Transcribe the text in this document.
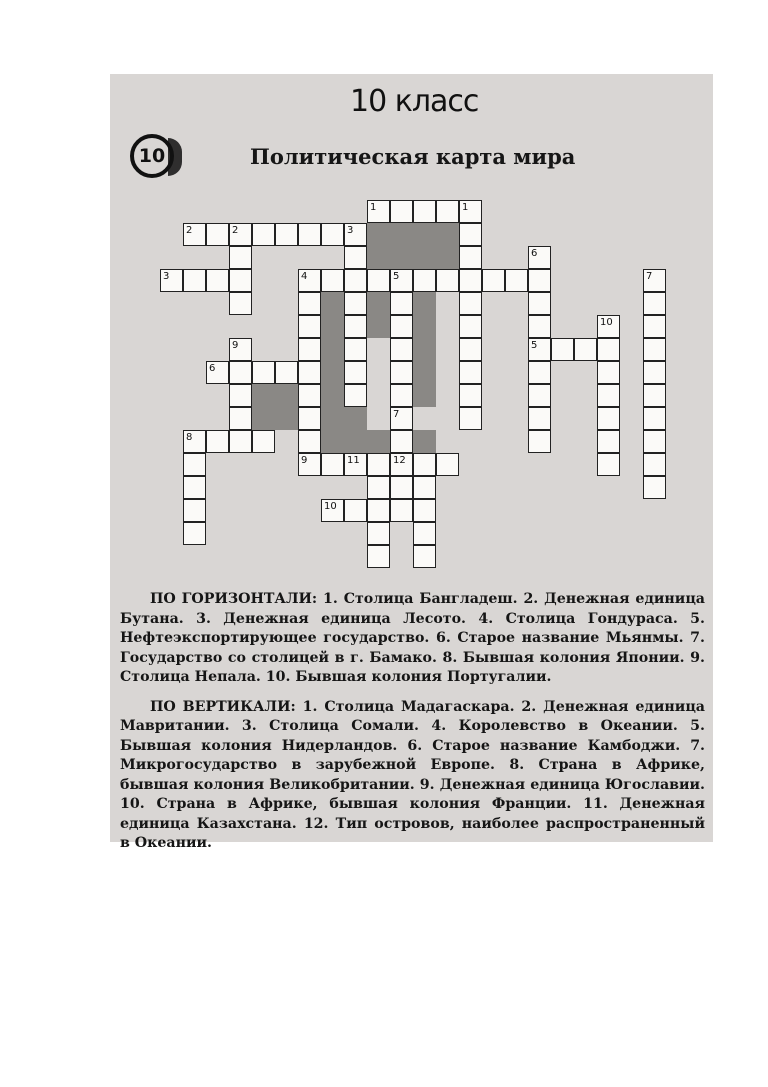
10 класс
10	Политическая карта мира
1	1
2	2	3
3	4	5
6
7
10
5
9
6
7
8
9	11	12
10

ПО ГОРИЗОНТАЛИ: 1. Столица Бангладеш. 2. Денежная единица Бутана. 3. Денежная единица Лесото. 4. Столица Гондураса. 5. Нефтеэкспортирующее государство. 6. Старое название Мьянмы. 7. Государство со столицей в г. Бамако. 8. Бывшая колония Японии. 9. Столица Непала. 10. Бывшая колония Португалии.

ПО ВЕРТИКАЛИ: 1. Столица Мадагаскара. 2. Денежная единица Мавритании. 3. Столица Сомали. 4. Королевство в Океании. 5. Бывшая колония Нидерландов. 6. Старое название Камбоджи. 7. Микрогосударство в зарубежной Европе. 8. Страна в Африке, бывшая колония Великобритании. 9. Денежная единица Югославии. 10. Страна в Африке, бывшая колония Франции. 11. Денежная единица Казахстана. 12. Тип островов, наиболее распространенный в Океании.
